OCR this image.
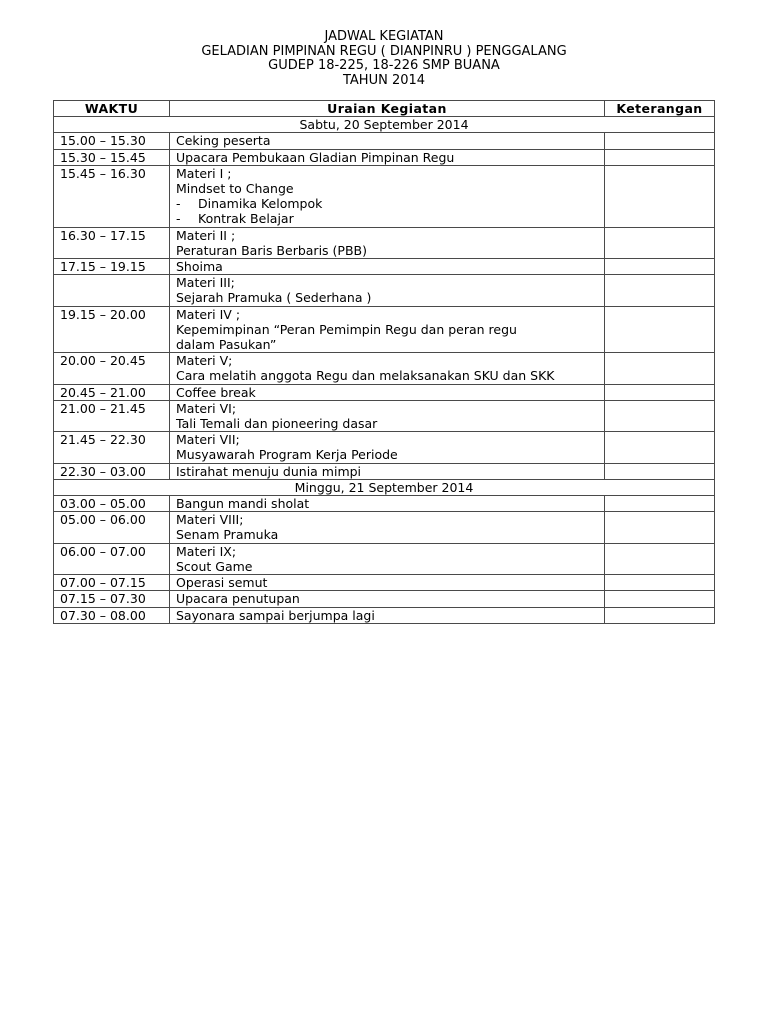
JADWAL KEGIATAN
GELADIAN PIMPINAN REGU ( DIANPINRU ) PENGGALANG
GUDEP 18-225, 18-226 SMP BUANA
TAHUN 2014
WAKTU	Uraian Kegiatan	Keterangan
Sabtu, 20 September 2014		
15.00 – 15.30	Ceking peserta	

15.30 – 15.45	Upacara Pembukaan Gladian Pimpinan Regu	

15.45 – 16.30	Materi I ;
Mindset to Change
- Dinamika Kelompok
- Kontrak Belajar	

16.30 – 17.15	Materi II ;
Peraturan Baris Berbaris (PBB)	

17.15 – 19.15	Shoima	

	Materi III;
Sejarah Pramuka ( Sederhana )	

19.15 – 20.00	Materi IV ;
Kepemimpinan “Peran Pemimpin Regu dan peran regu
dalam Pasukan”	

20.00 – 20.45	Materi V;
Cara melatih anggota Regu dan melaksanakan SKU dan SKK	

20.45 – 21.00	Coffee break	

21.00 – 21.45	Materi VI;
Tali Temali dan pioneering dasar	

21.45 – 22.30	Materi VII;
Musyawarah Program Kerja Periode	

22.30 – 03.00	Istirahat menuju dunia mimpi	

Minggu, 21 September 2014		
03.00 – 05.00	Bangun mandi sholat	

05.00 – 06.00	Materi VIII;
Senam Pramuka	

06.00 – 07.00	Materi IX;
Scout Game	

07.00 – 07.15	Operasi semut	

07.15 – 07.30	Upacara penutupan	

07.30 – 08.00	Sayonara sampai berjumpa lagi	
